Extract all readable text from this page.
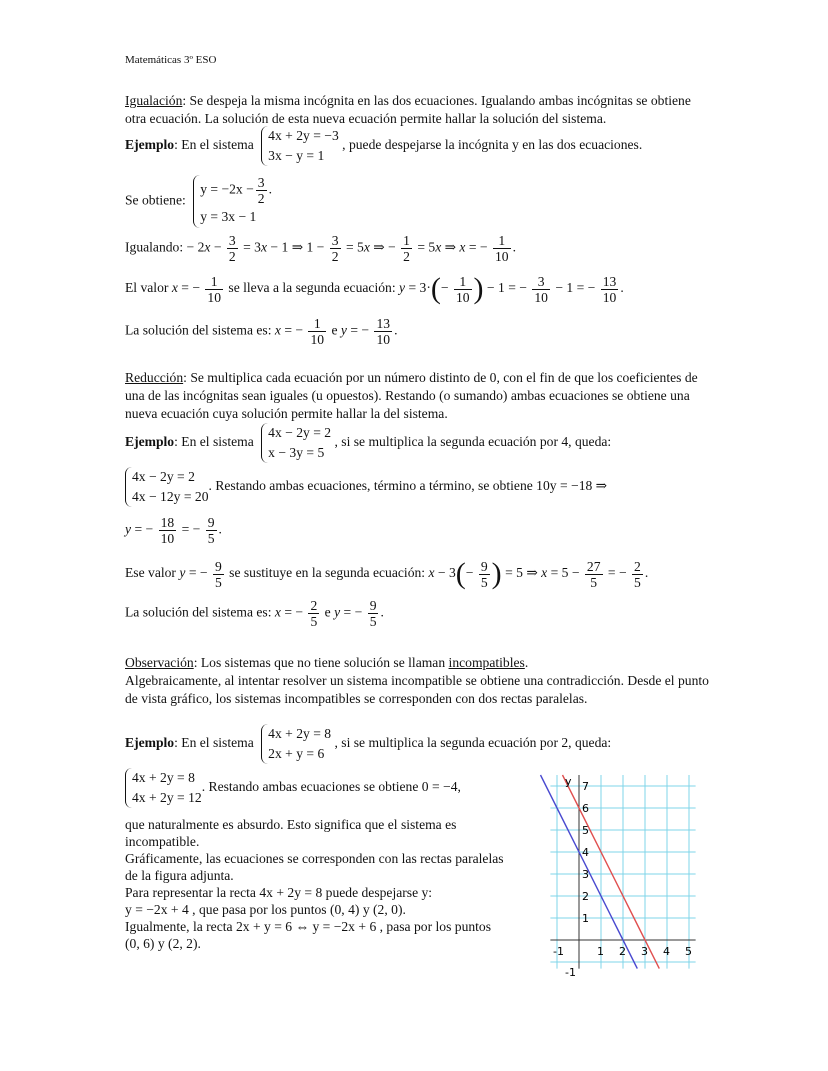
Matemáticas 3º ESO
Igualación: Se despeja la misma incógnita en las dos ecuaciones. Igualando ambas incógnitas se obtiene otra ecuación. La solución de esta nueva ecuación permite hallar la solución del sistema.
Ejemplo: En el sistema 4x + 2y = −3
3x − y = 1 , puede despejarse la incógnita y en las dos ecuaciones.
Se obtiene: $y = -2x - \frac{3}{2}$ .
y = 3x − 1
Igualando: − $2x - \frac{3}{2} = 3x - 1$ ⇒ $1 - \frac{3}{2} = 5x$ ⇒ − $\frac{1}{2} = 5x$ ⇒ x = − $\frac{1}{10}$ .
El valor x = − $\frac{1}{10}$ se lleva a la segunda ecuación: $y = 3\cdot(- \frac{1}{10}$ ) − 1 = − $\frac{3}{10} - 1$ = − $\frac{13}{10}$ .
La solución del sistema es: x = − $\frac{1}{10}$ e y = − $\frac{13}{10}$ .
Reducción: Se multiplica cada ecuación por un número distinto de 0, con el fin de que los coeficientes de una de las incógnitas sean iguales (u opuestos). Restando (o sumando) ambas ecuaciones se obtiene una nueva ecuación cuya solución permite hallar la del sistema.
Ejemplo: En el sistema 4x − 2y = 2
x − 3y = 5 , si se multiplica la segunda ecuación por 4, queda:
4x − 2y = 2
4x − 12y = 20. Restando ambas ecuaciones, término a término, se obtiene 10y = −18 ⇒
y = − $\frac{18}{10}$ = − $\frac{9}{5}$ .
Ese valor y = − $\frac{9}{5}$ se sustituye en la segunda ecuación: $x - 3(- \frac{9}{5}$ ) = 5 ⇒ $x = 5 - \frac{27}{5}$ = − $\frac{2}{5}$ .
La solución del sistema es: x = − $\frac{2}{5}$ e y = − $\frac{9}{5}$ .
Observación: Los sistemas que no tiene solución se llaman incompatibles.
Algebraicamente, al intentar resolver un sistema incompatible se obtiene una contradicción. Desde el punto de vista gráfico, los sistemas incompatibles se corresponden con dos rectas paralelas.
Ejemplo: En el sistema 4x + 2y = 8
2x + y = 6 , si se multiplica la segunda ecuación por 2, queda:
4x + 2y = 8
4x + 2y = 12. Restando ambas ecuaciones se obtiene 0 = −4,
que naturalmente es absurdo. Esto significa que el sistema es incompatible.
Gráficamente, las ecuaciones se corresponden con las rectas paralelas de la figura adjunta.
Para representar la recta 4x + 2y = 8 puede despejarse y:
y = −2x + 4 , que pasa por los puntos (0, 4) y (2, 0).
Igualmente, la recta 2x + y = 6 ⇔ y = −2x + 6 , pasa por los puntos (0, 6) y (2, 2).
y
-1	1 2 3 4 5
-1
1
2
3
4
5
6
7
